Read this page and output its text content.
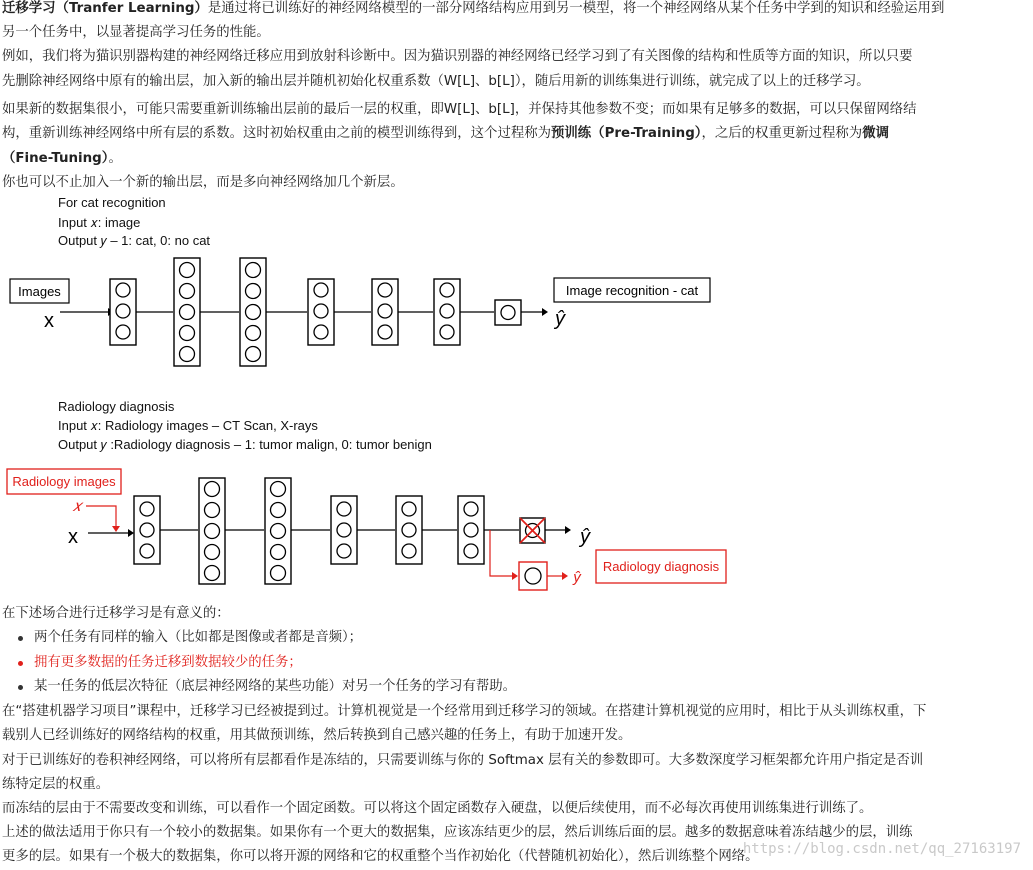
迁移学习（Tranfer Learning）是通过将已训练好的神经网络模型的一部分网络结构应用到另一模型，将一个神经网络从某个任务中学到的知识和经验运用到
另一个任务中，以显著提高学习任务的性能。
例如，我们将为猫识别器构建的神经网络迁移应用到放射科诊断中。因为猫识别器的神经网络已经学习到了有关图像的结构和性质等方面的知识，所以只要
先删除神经网络中原有的输出层，加入新的输出层并随机初始化权重系数（W[L]、b[L]），随后用新的训练集进行训练，就完成了以上的迁移学习。
如果新的数据集很小，可能只需要重新训练输出层前的最后一层的权重，即W[L]、b[L]，并保持其他参数不变；而如果有足够多的数据，可以只保留网络结
构，重新训练神经网络中所有层的系数。这时初始权重由之前的模型训练得到，这个过程称为预训练（Pre-Training），之后的权重更新过程称为微调
（Fine-Tuning）。
你也可以不止加入一个新的输出层，而是多向神经网络加几个新层。
For cat recognition
Input 𝑥: image
Output 𝑦 – 1: cat, 0: no cat
Images
x	ŷ
Image recognition - cat
Radiology diagnosis
Input 𝑥: Radiology images – CT Scan, X-rays
Output 𝑦 :Radiology diagnosis – 1: tumor malign, 0: tumor benign
Radiology images
𝑥
x	ŷ
ŷ
Radiology diagnosis
在下述场合进行迁移学习是有意义的：
两个任务有同样的输入（比如都是图像或者都是音频）；
拥有更多数据的任务迁移到数据较少的任务；
某一任务的低层次特征（底层神经网络的某些功能）对另一个任务的学习有帮助。
在“搭建机器学习项目”课程中，迁移学习已经被提到过。计算机视觉是一个经常用到迁移学习的领域。在搭建计算机视觉的应用时，相比于从头训练权重，下
载别人已经训练好的网络结构的权重，用其做预训练，然后转换到自己感兴趣的任务上，有助于加速开发。
对于已训练好的卷积神经网络，可以将所有层都看作是冻结的，只需要训练与你的 Softmax 层有关的参数即可。大多数深度学习框架都允许用户指定是否训
练特定层的权重。
而冻结的层由于不需要改变和训练，可以看作一个固定函数。可以将这个固定函数存入硬盘，以便后续使用，而不必每次再使用训练集进行训练了。
上述的做法适用于你只有一个较小的数据集。如果你有一个更大的数据集，应该冻结更少的层，然后训练后面的层。越多的数据意味着冻结越少的层，训练
更多的层。如果有一个极大的数据集，你可以将开源的网络和它的权重整个当作初始化（代替随机初始化），然后训练整个网络。
https://blog.csdn.net/qq_27163197
